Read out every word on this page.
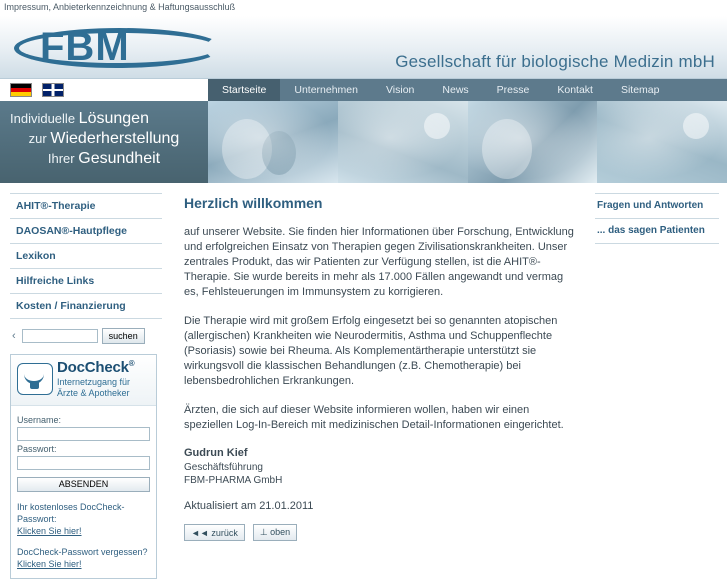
Impressum, Anbieterkennzeichnung & Haftungsausschluß
FBM	Gesellschaft für biologische Medizin mbH
Startseite	Unternehmen	Vision	News	Presse	Kontakt	Sitemap
Individuelle Lösungen
zur Wiederherstellung
Ihrer Gesundheit
AHIT®-Therapie
DAOSAN®-Hautpflege
Lexikon
Hilfreiche Links
Kosten / Finanzierung
‹	suchen
DocCheck®
Internetzugang für
Ärzte & Apotheker
Username:
Passwort:
ABSENDEN
Ihr kostenloses DocCheck- Passwort:
Klicken Sie hier!
DocCheck-Passwort vergessen?
Klicken Sie hier!
Herzlich willkommen

auf unserer Website. Sie finden hier Informationen über Forschung, Entwicklung und erfolgreichen Einsatz von Therapien gegen Zivilisationskrankheiten. Unser zentrales Produkt, das wir Patienten zur Verfügung stellen, ist die AHIT®-Therapie. Sie wurde bereits in mehr als 17.000 Fällen angewandt und vermag es, Fehlsteuerungen im Immunsystem zu korrigieren.

Die Therapie wird mit großem Erfolg eingesetzt bei so genannten atopischen (allergischen) Krankheiten wie Neurodermitis, Asthma und Schuppenflechte (Psoriasis) sowie bei Rheuma. Als Komplementärtherapie unterstützt sie wirkungsvoll die klassischen Behandlungen (z.B. Chemotherapie) bei lebensbedrohlichen Erkrankungen.

Ärzten, die sich auf dieser Website informieren wollen, haben wir einen speziellen Log-In-Bereich mit medizinischen Detail-Informationen eingerichtet.

Gudrun Kief
Geschäftsführung
FBM-PHARMA GmbH
Aktualisiert am 21.01.2011
◄◄ zurück	⊥ oben
Fragen und Antworten
... das sagen Patienten
